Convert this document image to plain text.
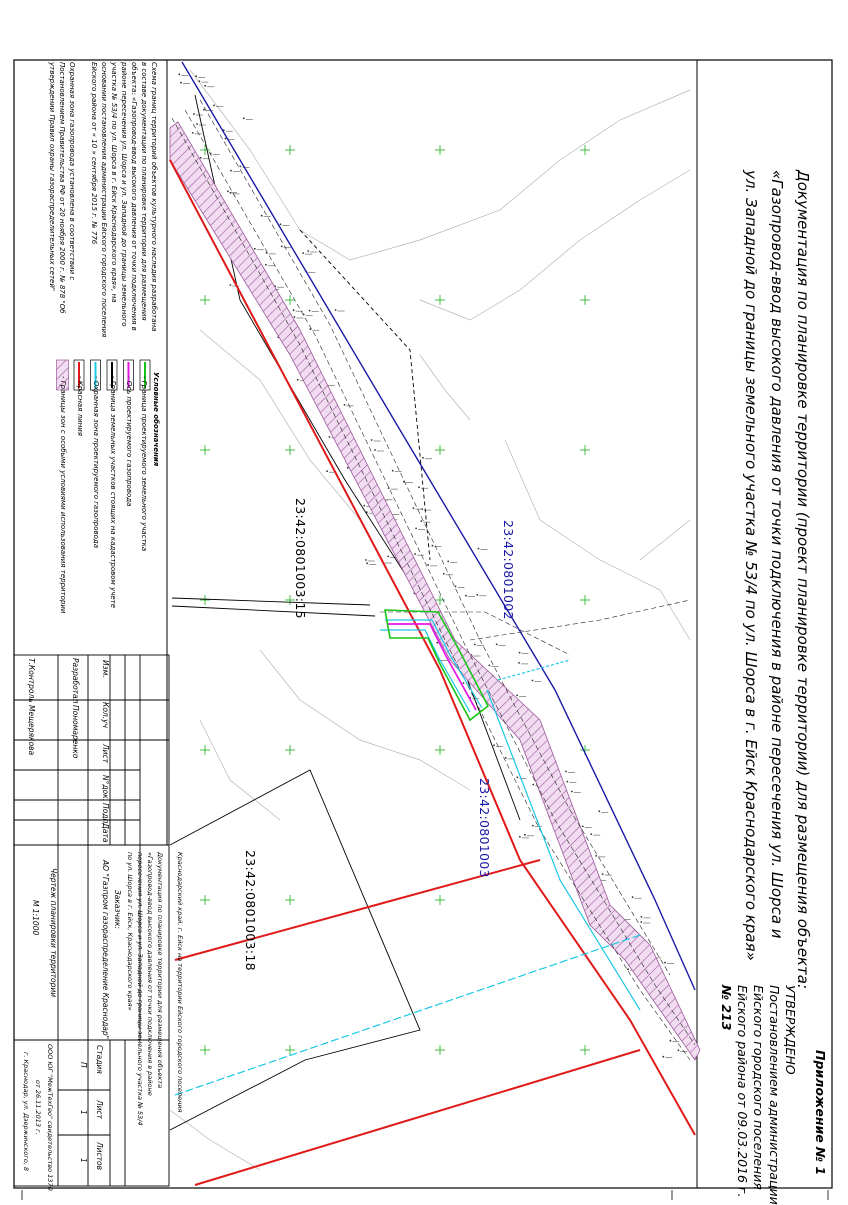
Документация по планировке территории (проект планировке территории) для размещения объекта:
«Газопровод-ввод высокого давления от точки подключения в районе пересечения ул. Шорса и
ул. Западной до границы земельного участка № 53/4 по ул. Шорса в г. Ейск Краснодарского края»
Приложение № 1
УТВЕРЖДЕНО
Постановлением администрации
Ейского городского поселения
Ейского района от 09.03.2016 г.
№ 213
23:42:0801003:15	23:42:0801002
23:42:0801003
23:42:0801003:18
Схема границ территорий объектов культурного наследия разработана
в составе документации по планировке территории для размещения
объекта: «Газопровод-ввод высокого давления от точки подключения в
районе пересечения ул. Шорса и ул. Западной до границы земельного
участка № 53/4 по ул. Шорса в г. Ейск Краснодарского края», на
основании постановления администрации Ейского городского поселения
Ейского района от « 10 » сентября 2015 г. № 776
Охранная зона газопровода установлена в соответствии с
Постановлением Правительства РФ от 20 ноября 2000 г. № 878 "Об
утверждении Правил охраны газораспределительных сетей"
Условные обозначения
- Граница проектируемого земельного участка
- Ось проектируемого газопровода
- Граница земельных участков стоящих на кадастровом учете
- Охранная зона проектируемого газопровода
- Красная линия
- Границы зон с особыми условиями использования территории
Изм.
Кол.уч
Лист
N°док.
Подп.
Дата
Разработал
Пономаренко
Т.Контроль
Мещерякова
Краснодарский край, г. Ейск на территории Ейского городского поселения
Документация по планировке территории для размещения объекта
«Газопровод-ввод высокого давления от точки подключения в районе
пересечения ул. Шорса и ул. Западной до границы земельного участка № 53/4
по ул. Шорса в г. Ейск, Краснодарского края»
Заказчик:
АО "Газпром газораспределение Краснодар"
Чертеж планировки территории
М 1:1000
Стадия
Лист
Листов
П
1
1
ООО ЮГ "МежТехГео" свидетельство 1370
от 26.11.2013 г.
г. Краснодар, ул. Дзержинского, 8
